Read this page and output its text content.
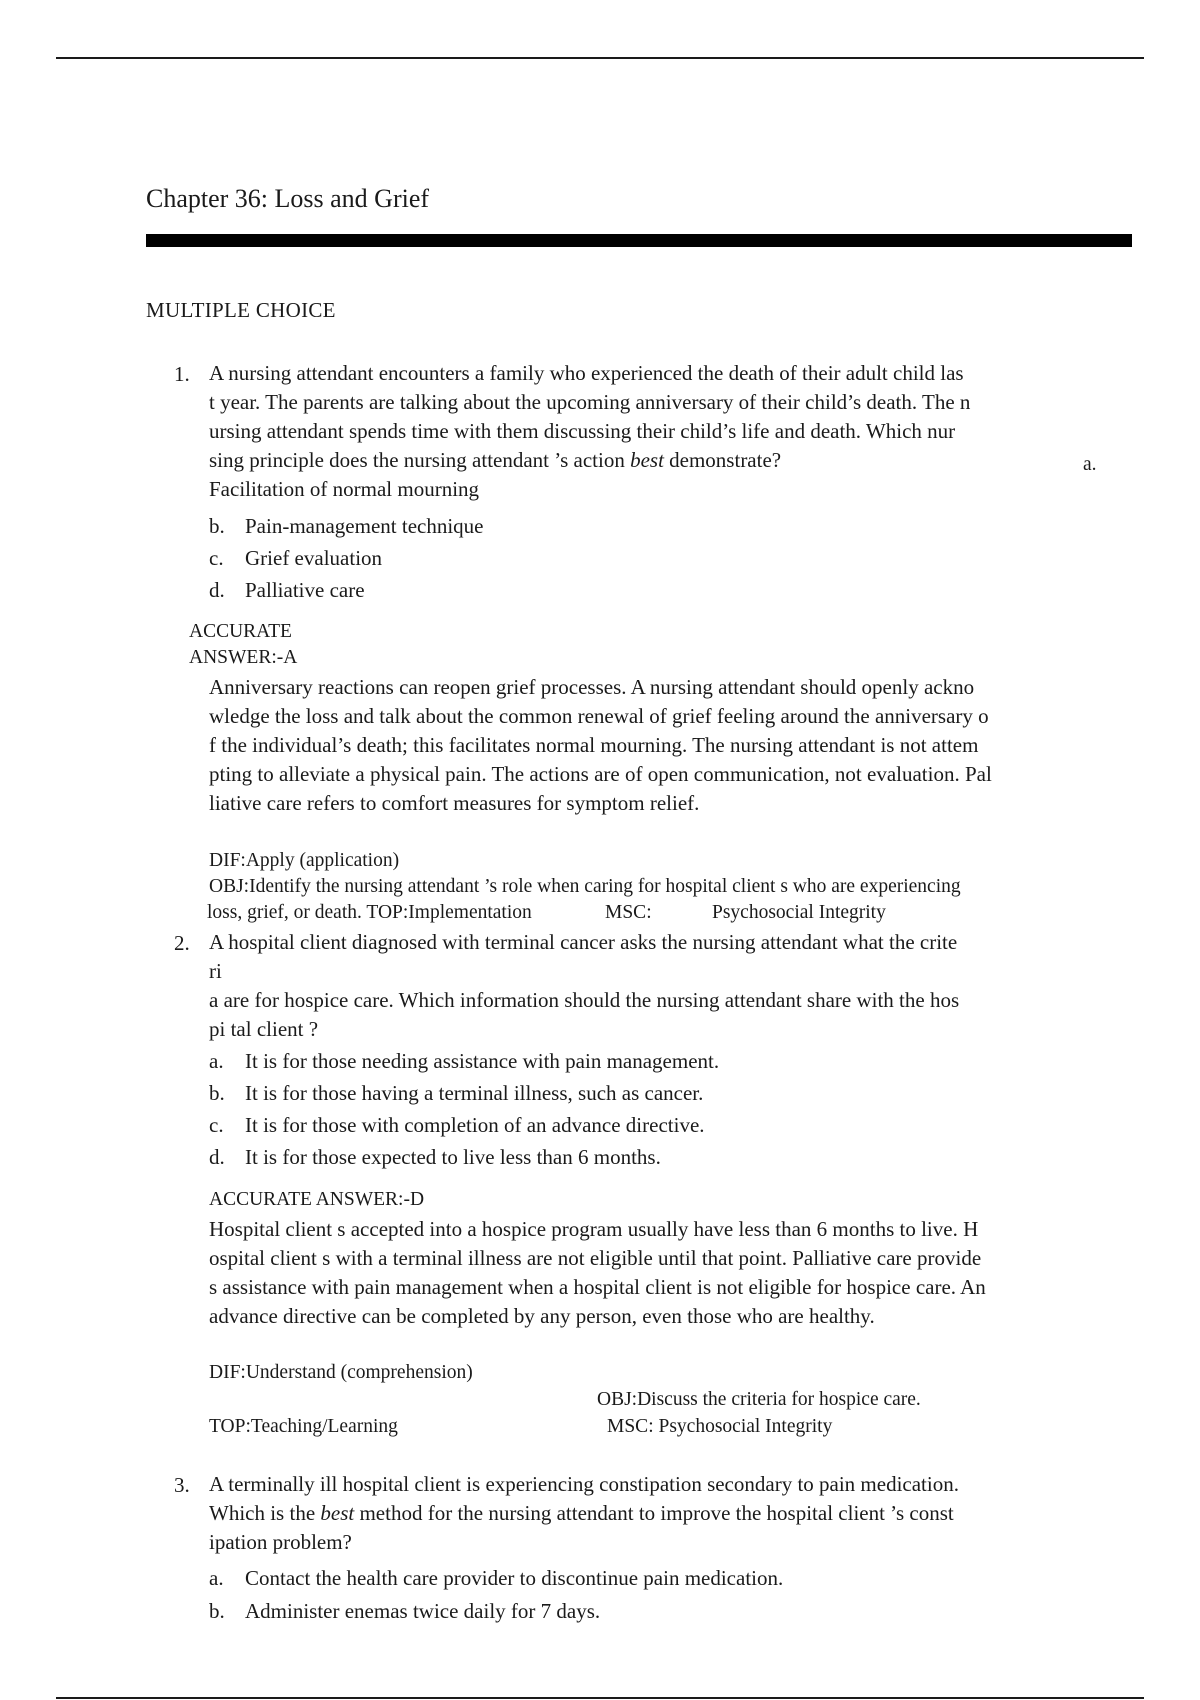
Chapter 36: Loss and Grief
MULTIPLE CHOICE
1. A nursing attendant encounters a family who experienced the death of their adult child las
t year. The parents are talking about the upcoming anniversary of their child’s death. The n
ursing attendant spends time with them discussing their child’s life and death. Which nur
sing principle does the nursing attendant ’s action best demonstrate?
Facilitation of normal mourning
a.
b. Pain-management technique
c. Grief evaluation
d. Palliative care
ACCURATE
ANSWER:-A
Anniversary reactions can reopen grief processes. A nursing attendant should openly ackno
wledge the loss and talk about the common renewal of grief feeling around the anniversary o
f the individual’s death; this facilitates normal mourning. The nursing attendant is not attem
pting to alleviate a physical pain. The actions are of open communication, not evaluation. Pal
liative care refers to comfort measures for symptom relief.
DIF:Apply (application)
OBJ:Identify the nursing attendant ’s role when caring for hospital client s who are experiencing
loss, grief, or death. TOP:Implementation	MSC:	Psychosocial Integrity
2. A hospital client diagnosed with terminal cancer asks the nursing attendant what the crite
ri
a are for hospice care. Which information should the nursing attendant share with the hos
pi tal client ?
a. It is for those needing assistance with pain management.
b. It is for those having a terminal illness, such as cancer.
c. It is for those with completion of an advance directive.
d. It is for those expected to live less than 6 months.
ACCURATE ANSWER:-D
Hospital client s accepted into a hospice program usually have less than 6 months to live. H
ospital client s with a terminal illness are not eligible until that point. Palliative care provide
s assistance with pain management when a hospital client is not eligible for hospice care. An
advance directive can be completed by any person, even those who are healthy.
DIF:Understand (comprehension)
OBJ:Discuss the criteria for hospice care.
TOP:Teaching/Learning	MSC: Psychosocial Integrity
3. A terminally ill hospital client is experiencing constipation secondary to pain medication.
Which is the best method for the nursing attendant to improve the hospital client ’s const
ipation problem?
a. Contact the health care provider to discontinue pain medication.
b. Administer enemas twice daily for 7 days.
